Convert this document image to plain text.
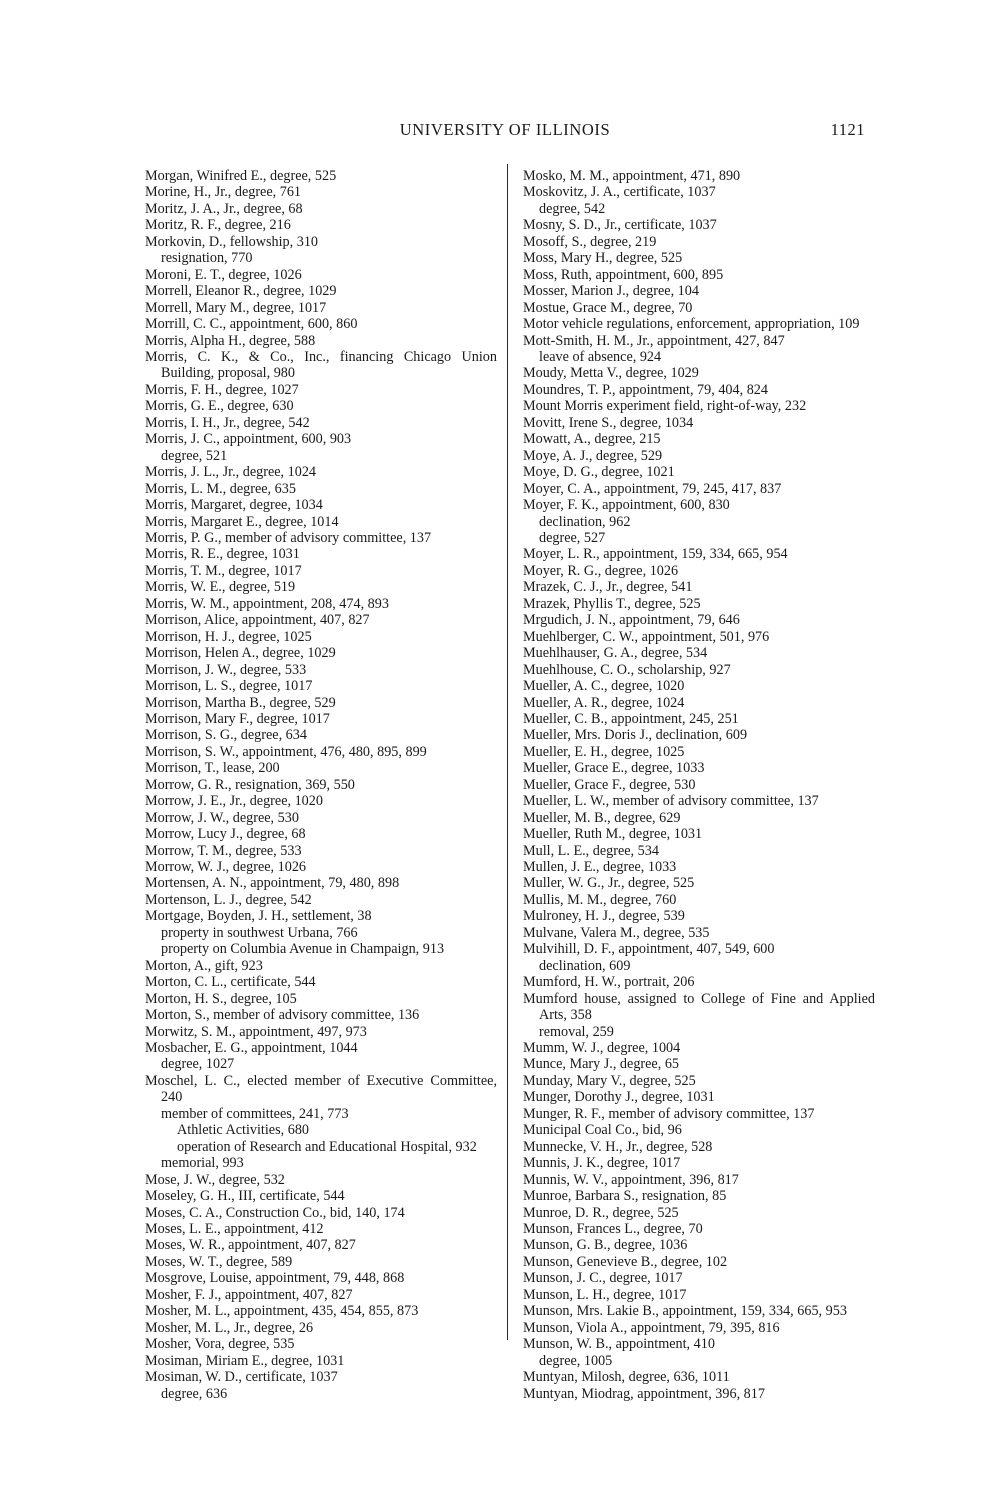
UNIVERSITY OF ILLINOIS	1121
Morgan, Winifred E., degree, 525
Morine, H., Jr., degree, 761
Moritz, J. A., Jr., degree, 68
Moritz, R. F., degree, 216
Morkovin, D., fellowship, 310
resignation, 770
Moroni, E. T., degree, 1026
Morrell, Eleanor R., degree, 1029
Morrell, Mary M., degree, 1017
Morrill, C. C., appointment, 600, 860
Morris, Alpha H., degree, 588
Morris, C. K., & Co., Inc., financing Chicago Union Building, proposal, 980
Morris, F. H., degree, 1027
Morris, G. E., degree, 630
Morris, I. H., Jr., degree, 542
Morris, J. C., appointment, 600, 903
degree, 521
Morris, J. L., Jr., degree, 1024
Morris, L. M., degree, 635
Morris, Margaret, degree, 1034
Morris, Margaret E., degree, 1014
Morris, P. G., member of advisory committee, 137
Morris, R. E., degree, 1031
Morris, T. M., degree, 1017
Morris, W. E., degree, 519
Morris, W. M., appointment, 208, 474, 893
Morrison, Alice, appointment, 407, 827
Morrison, H. J., degree, 1025
Morrison, Helen A., degree, 1029
Morrison, J. W., degree, 533
Morrison, L. S., degree, 1017
Morrison, Martha B., degree, 529
Morrison, Mary F., degree, 1017
Morrison, S. G., degree, 634
Morrison, S. W., appointment, 476, 480, 895, 899
Morrison, T., lease, 200
Morrow, G. R., resignation, 369, 550
Morrow, J. E., Jr., degree, 1020
Morrow, J. W., degree, 530
Morrow, Lucy J., degree, 68
Morrow, T. M., degree, 533
Morrow, W. J., degree, 1026
Mortensen, A. N., appointment, 79, 480, 898
Mortenson, L. J., degree, 542
Mortgage, Boyden, J. H., settlement, 38
property in southwest Urbana, 766
property on Columbia Avenue in Champaign, 913
Morton, A., gift, 923
Morton, C. L., certificate, 544
Morton, H. S., degree, 105
Morton, S., member of advisory committee, 136
Morwitz, S. M., appointment, 497, 973
Mosbacher, E. G., appointment, 1044
degree, 1027
Moschel, L. C., elected member of Executive Committee, 240
member of committees, 241, 773
Athletic Activities, 680
operation of Research and Educational Hospital, 932
memorial, 993
Mose, J. W., degree, 532
Moseley, G. H., III, certificate, 544
Moses, C. A., Construction Co., bid, 140, 174
Moses, L. E., appointment, 412
Moses, W. R., appointment, 407, 827
Moses, W. T., degree, 589
Mosgrove, Louise, appointment, 79, 448, 868
Mosher, F. J., appointment, 407, 827
Mosher, M. L., appointment, 435, 454, 855, 873
Mosher, M. L., Jr., degree, 26
Mosher, Vora, degree, 535
Mosiman, Miriam E., degree, 1031
Mosiman, W. D., certificate, 1037
degree, 636
Mosko, M. M., appointment, 471, 890
Moskovitz, J. A., certificate, 1037
degree, 542
Mosny, S. D., Jr., certificate, 1037
Mosoff, S., degree, 219
Moss, Mary H., degree, 525
Moss, Ruth, appointment, 600, 895
Mosser, Marion J., degree, 104
Mostue, Grace M., degree, 70
Motor vehicle regulations, enforcement, appropriation, 109
Mott-Smith, H. M., Jr., appointment, 427, 847
leave of absence, 924
Moudy, Metta V., degree, 1029
Moundres, T. P., appointment, 79, 404, 824
Mount Morris experiment field, right-of-way, 232
Movitt, Irene S., degree, 1034
Mowatt, A., degree, 215
Moye, A. J., degree, 529
Moye, D. G., degree, 1021
Moyer, C. A., appointment, 79, 245, 417, 837
Moyer, F. K., appointment, 600, 830
declination, 962
degree, 527
Moyer, L. R., appointment, 159, 334, 665, 954
Moyer, R. G., degree, 1026
Mrazek, C. J., Jr., degree, 541
Mrazek, Phyllis T., degree, 525
Mrgudich, J. N., appointment, 79, 646
Muehlberger, C. W., appointment, 501, 976
Muehlhauser, G. A., degree, 534
Muehlhouse, C. O., scholarship, 927
Mueller, A. C., degree, 1020
Mueller, A. R., degree, 1024
Mueller, C. B., appointment, 245, 251
Mueller, Mrs. Doris J., declination, 609
Mueller, E. H., degree, 1025
Mueller, Grace E., degree, 1033
Mueller, Grace F., degree, 530
Mueller, L. W., member of advisory committee, 137
Mueller, M. B., degree, 629
Mueller, Ruth M., degree, 1031
Mull, L. E., degree, 534
Mullen, J. E., degree, 1033
Muller, W. G., Jr., degree, 525
Mullis, M. M., degree, 760
Mulroney, H. J., degree, 539
Mulvane, Valera M., degree, 535
Mulvihill, D. F., appointment, 407, 549, 600
declination, 609
Mumford, H. W., portrait, 206
Mumford house, assigned to College of Fine and Applied Arts, 358
removal, 259
Mumm, W. J., degree, 1004
Munce, Mary J., degree, 65
Munday, Mary V., degree, 525
Munger, Dorothy J., degree, 1031
Munger, R. F., member of advisory committee, 137
Municipal Coal Co., bid, 96
Munnecke, V. H., Jr., degree, 528
Munnis, J. K., degree, 1017
Munnis, W. V., appointment, 396, 817
Munroe, Barbara S., resignation, 85
Munroe, D. R., degree, 525
Munson, Frances L., degree, 70
Munson, G. B., degree, 1036
Munson, Genevieve B., degree, 102
Munson, J. C., degree, 1017
Munson, L. H., degree, 1017
Munson, Mrs. Lakie B., appointment, 159, 334, 665, 953
Munson, Viola A., appointment, 79, 395, 816
Munson, W. B., appointment, 410
degree, 1005
Muntyan, Milosh, degree, 636, 1011
Muntyan, Miodrag, appointment, 396, 817
